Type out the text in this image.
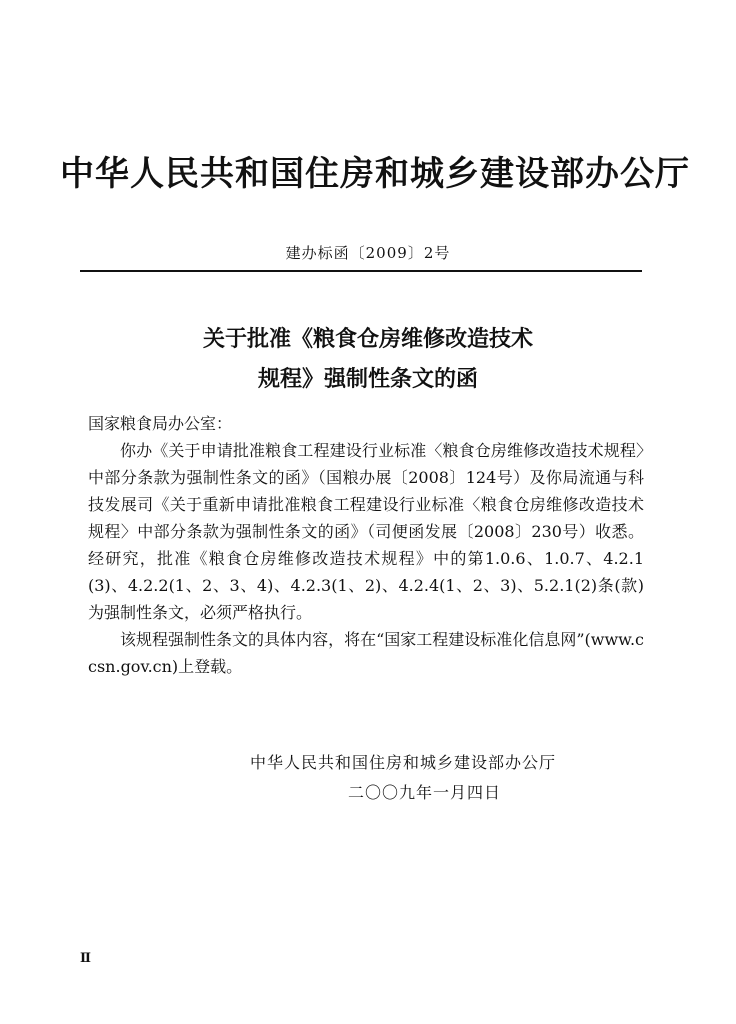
中华人民共和国住房和城乡建设部办公厅
建办标函〔2009〕2号
关于批准《粮食仓房维修改造技术
规程》强制性条文的函
国家粮食局办公室：

你办《关于申请批准粮食工程建设行业标准〈粮食仓房维修改造技术规程〉中部分条款为强制性条文的函》（国粮办展〔2008〕124号）及你局流通与科技发展司《关于重新申请批准粮食工程建设行业标准〈粮食仓房维修改造技术规程〉中部分条款为强制性条文的函》（司便函发展〔2008〕230号）收悉。经研究，批准《粮食仓房维修改造技术规程》中的第1.0.6、1.0.7、4.2.1(3)、4.2.2(1、2、3、4)、4.2.3(1、2)、4.2.4(1、2、3)、5.2.1(2)条(款)为强制性条文，必须严格执行。

该规程强制性条文的具体内容，将在“国家工程建设标准化信息网”(www.ccsn.gov.cn)上登载。

中华人民共和国住房和城乡建设部办公厅
二〇〇九年一月四日
Ⅱ
